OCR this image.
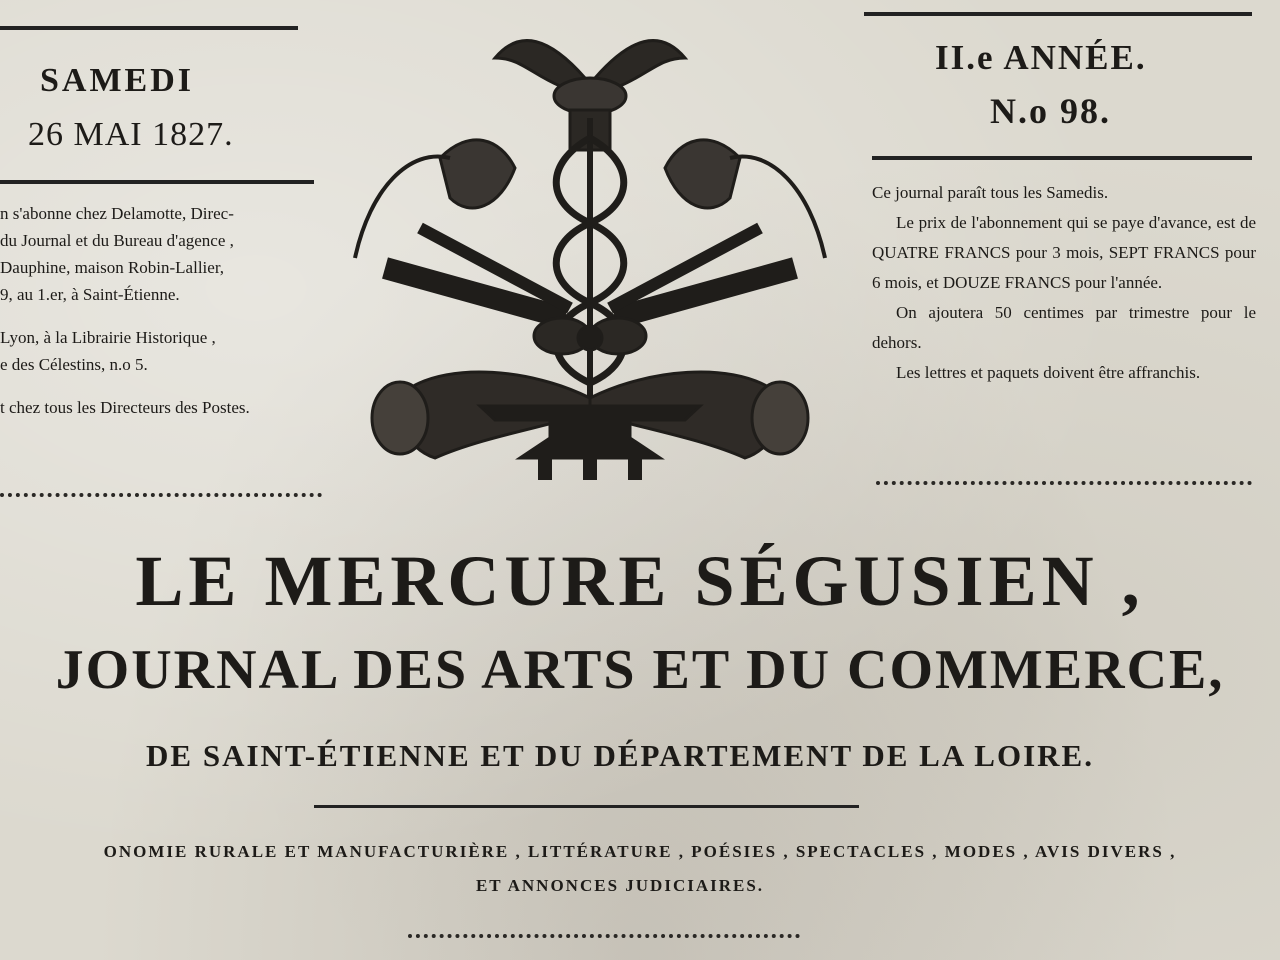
SAMEDI
26 MAI 1827.

n s'abonne chez Delamotte, Direc-

du Journal et du Bureau d'agence ,

Dauphine, maison Robin-Lallier,

9, au 1.er, à Saint-Étienne.

Lyon, à la Librairie Historique ,

e des Célestins, n.o 5.

t chez tous les Directeurs des Postes.

II.e ANNÉE.
N.o 98.

Ce journal paraît tous les Samedis.

Le prix de l'abonnement qui se paye d'avance, est de QUATRE FRANCS pour 3 mois, SEPT FRANCS pour 6 mois, et DOUZE FRANCS pour l'année.

On ajoutera 50 centimes par trimestre pour le dehors.

Les lettres et paquets doivent être affranchis.

LE MERCURE SÉGUSIEN ,
JOURNAL DES ARTS ET DU COMMERCE,
DE SAINT-ÉTIENNE ET DU DÉPARTEMENT DE LA LOIRE.
ONOMIE RURALE ET MANUFACTURIÈRE , LITTÉRATURE , POÉSIES , SPECTACLES , MODES , AVIS DIVERS ,
ET ANNONCES JUDICIAIRES.
